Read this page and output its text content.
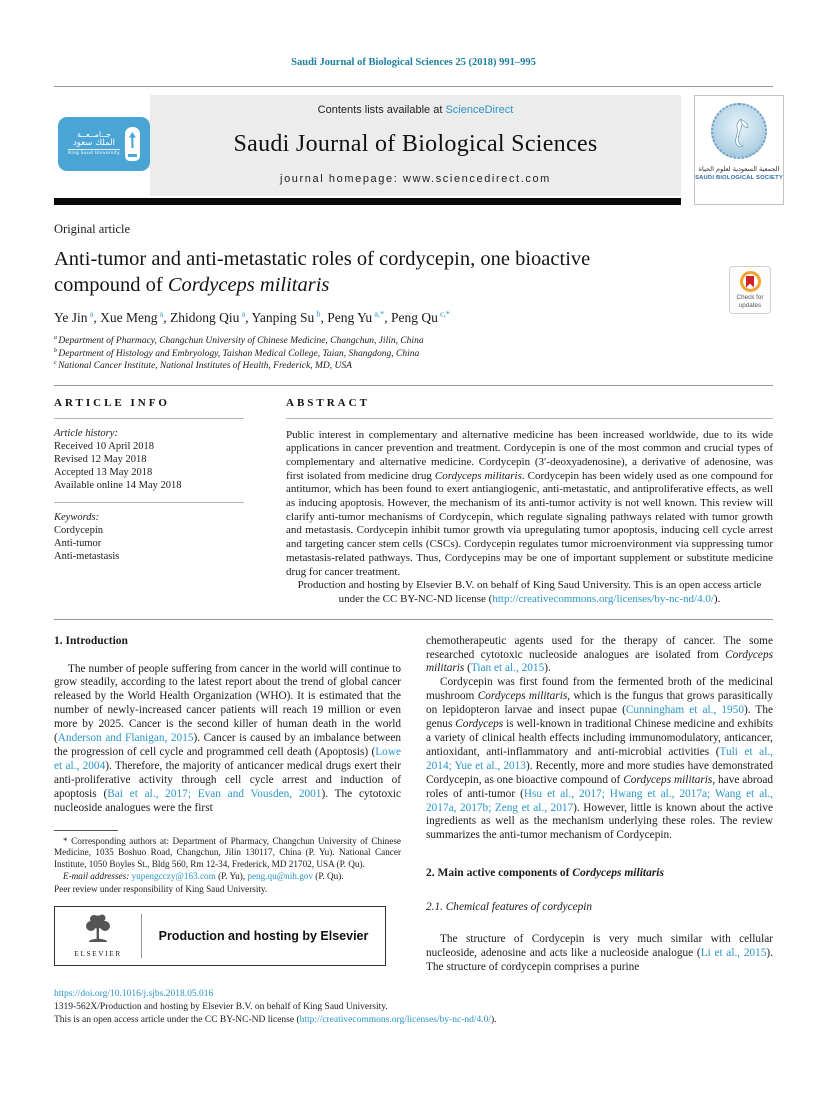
Saudi Journal of Biological Sciences 25 (2018) 991–995
جــامــعــة
الملك سعود
King Saud University
Contents lists available at ScienceDirect
Saudi Journal of Biological Sciences
journal homepage: www.sciencedirect.com
الجمعية السعودية لعلوم الحياة
SAUDI BIOLOGICAL SOCIETY
Original article
Anti-tumor and anti-metastatic roles of cordycepin, one bioactive compound of Cordyceps militaris
Ye Jin $^a$, Xue Meng $^a$, Zhidong Qiu $^a$, Yanping Su $^b$, Peng Yu $^{a,*}$, Peng Qu $^{c,*}$
$^a$ Department of Pharmacy, Changchun University of Chinese Medicine, Changchun, Jilin, China
$^b$ Department of Histology and Embryology, Taishan Medical College, Taian, Shangdong, China
$^c$ National Cancer Institute, National Institutes of Health, Frederick, MD, USA
Check for updates
ARTICLE INFO
Article history:
Received 10 April 2018
Revised 12 May 2018
Accepted 13 May 2018
Available online 14 May 2018
Keywords:
Cordycepin
Anti-tumor
Anti-metastasis
ABSTRACT
Public interest in complementary and alternative medicine has been increased worldwide, due to its wide applications in cancer prevention and treatment. Cordycepin is one of the most common and crucial types of complementary and alternative medicine. Cordycepin (3′-deoxyadenosine), a derivative of adenosine, was first isolated from medicine drug Cordyceps militaris. Cordycepin has been widely used as one compound for antitumor, which has been found to exert antiangiogenic, anti-metastatic, and antiproliferative effects, as well as inducing apoptosis. However, the mechanism of its anti-tumor activity is not well known. This review will clarify anti-tumor mechanisms of Cordycepin, which regulate signaling pathways related with tumor growth and metastasis. Cordycepin inhibit tumor growth via upregulating tumor apoptosis, inducing cell cycle arrest and targeting cancer stem cells (CSCs). Cordycepin regulates tumor microenvironment via suppressing tumor metastasis-related pathways. Thus, Cordycepins may be one of important supplement or substitute medicine drug for cancer treatment.
Production and hosting by Elsevier B.V. on behalf of King Saud University. This is an open access article under the CC BY-NC-ND license (http://creativecommons.org/licenses/by-nc-nd/4.0/).
1. Introduction

The number of people suffering from cancer in the world will continue to grow steadily, according to the latest report about the trend of global cancer released by the World Health Organization (WHO). It is estimated that the number of newly-increased cancer patients will reach 19 million or even more by 2025. Cancer is the second killer of human death in the world (Anderson and Flanigan, 2015). Cancer is caused by an imbalance between the progression of cell cycle and programmed cell death (Apoptosis) (Lowe et al., 2004). Therefore, the majority of anticancer medical drugs exert their anti-proliferative activity through cell cycle arrest and induction of apoptosis (Bai et al., 2017; Evan and Vousden, 2001). The cytotoxic nucleoside analogues were the first

* Corresponding authors at: Department of Pharmacy, Changchun University of Chinese Medicine, 1035 Boshuo Road, Changchun, Jilin 130117, China (P. Yu). National Cancer Institute, 1050 Boyles St., Bldg 560, Rm 12-34, Frederick, MD 21702, USA (P. Qu).
E-mail addresses: yupengcczy@163.com (P. Yu), peng.qu@nih.gov (P. Qu).
Peer review under responsibility of King Saud University.
ELSEVIER
Production and hosting by Elsevier

chemotherapeutic agents used for the therapy of cancer. The some researched cytotoxic nucleoside analogues are isolated from Cordyceps militaris (Tian et al., 2015).

Cordycepin was first found from the fermented broth of the medicinal mushroom Cordyceps militaris, which is the fungus that grows parasitically on lepidopteron larvae and insect pupae (Cunningham et al., 1950). The genus Cordyceps is well-known in traditional Chinese medicine and exhibits a variety of clinical health effects including immunomodulatory, anticancer, antioxidant, anti-inflammatory and anti-microbial activities (Tuli et al., 2014; Yue et al., 2013). Recently, more and more studies have demonstrated Cordycepin, as one bioactive compound of Cordyceps militaris, have abroad roles of anti-tumor (Hsu et al., 2017; Hwang et al., 2017a; Wang et al., 2017a, 2017b; Zeng et al., 2017). However, little is known about the active ingredients as well as the mechanism underlying these roles. The review summarizes the anti-tumor mechanism of Cordycepin.

2. Main active components of Cordyceps militaris
2.1. Chemical features of cordycepin

The structure of Cordycepin is very much similar with cellular nucleoside, adenosine and acts like a nucleoside analogue (Li et al., 2015). The structure of cordycepin comprises a purine

https://doi.org/10.1016/j.sjbs.2018.05.016
1319-562X/Production and hosting by Elsevier B.V. on behalf of King Saud University.
This is an open access article under the CC BY-NC-ND license (http://creativecommons.org/licenses/by-nc-nd/4.0/).
